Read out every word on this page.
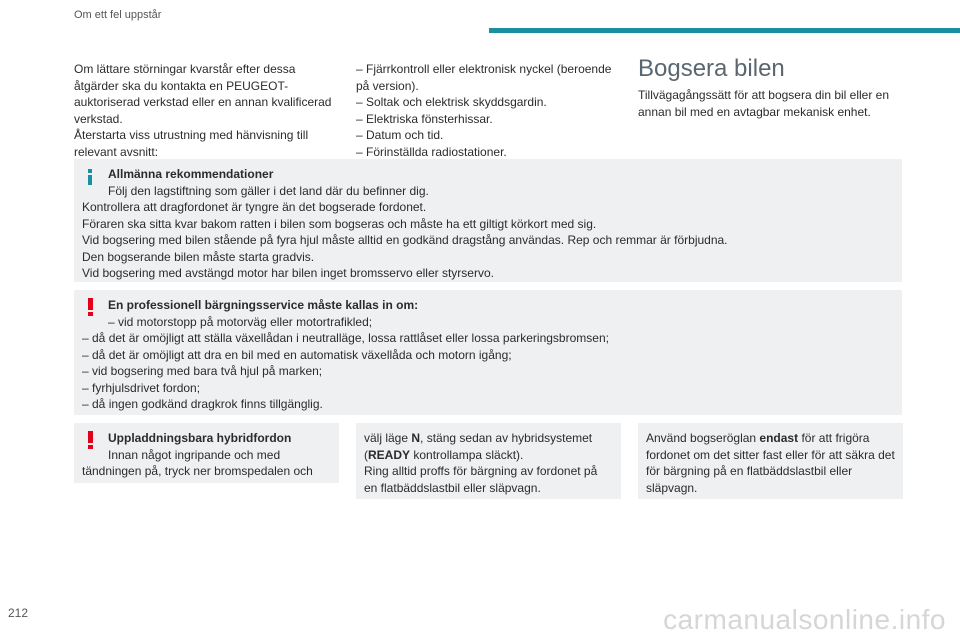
Om ett fel uppstår

Om lättare störningar kvarstår efter dessa åtgärder ska du kontakta en PEUGEOT-auktoriserad verkstad eller en annan kvalificerad verkstad.

Återstarta viss utrustning med hänvisning till relevant avsnitt:

– Fjärrkontroll eller elektronisk nyckel (beroende på version).

– Soltak och elektrisk skyddsgardin.

– Elektriska fönsterhissar.

– Datum och tid.

– Förinställda radiostationer.

Bogsera bilen
Tillvägagångssätt för att bogsera din bil eller en annan bil med en avtagbar mekanisk enhet.

Allmänna rekommendationer

Följ den lagstiftning som gäller i det land där du befinner dig.

Kontrollera att dragfordonet är tyngre än det bogserade fordonet.

Föraren ska sitta kvar bakom ratten i bilen som bogseras och måste ha ett giltigt körkort med sig.

Vid bogsering med bilen stående på fyra hjul måste alltid en godkänd dragstång användas. Rep och remmar är förbjudna.

Den bogserande bilen måste starta gradvis.

Vid bogsering med avstängd motor har bilen inget bromsservo eller styrservo.

En professionell bärgningsservice måste kallas in om:

– vid motorstopp på motorväg eller motortrafikled;

– då det är omöjligt att ställa växellådan i neutralläge, lossa rattlåset eller lossa parkeringsbromsen;

– då det är omöjligt att dra en bil med en automatisk växellåda och motorn igång;

– vid bogsering med bara två hjul på marken;

– fyrhjulsdrivet fordon;

– då ingen godkänd dragkrok finns tillgänglig.

Uppladdningsbara hybridfordon

Innan något ingripande och med

tändningen på, tryck ner bromspedalen och

välj läge N, stäng sedan av hybridsystemet (READY kontrollampa släckt).

Ring alltid proffs för bärgning av fordonet på en flatbäddslastbil eller släpvagn.

Använd bogseröglan endast för att frigöra fordonet om det sitter fast eller för att säkra det för bärgning på en flatbäddslastbil eller släpvagn.

212	carmanualsonline.info
